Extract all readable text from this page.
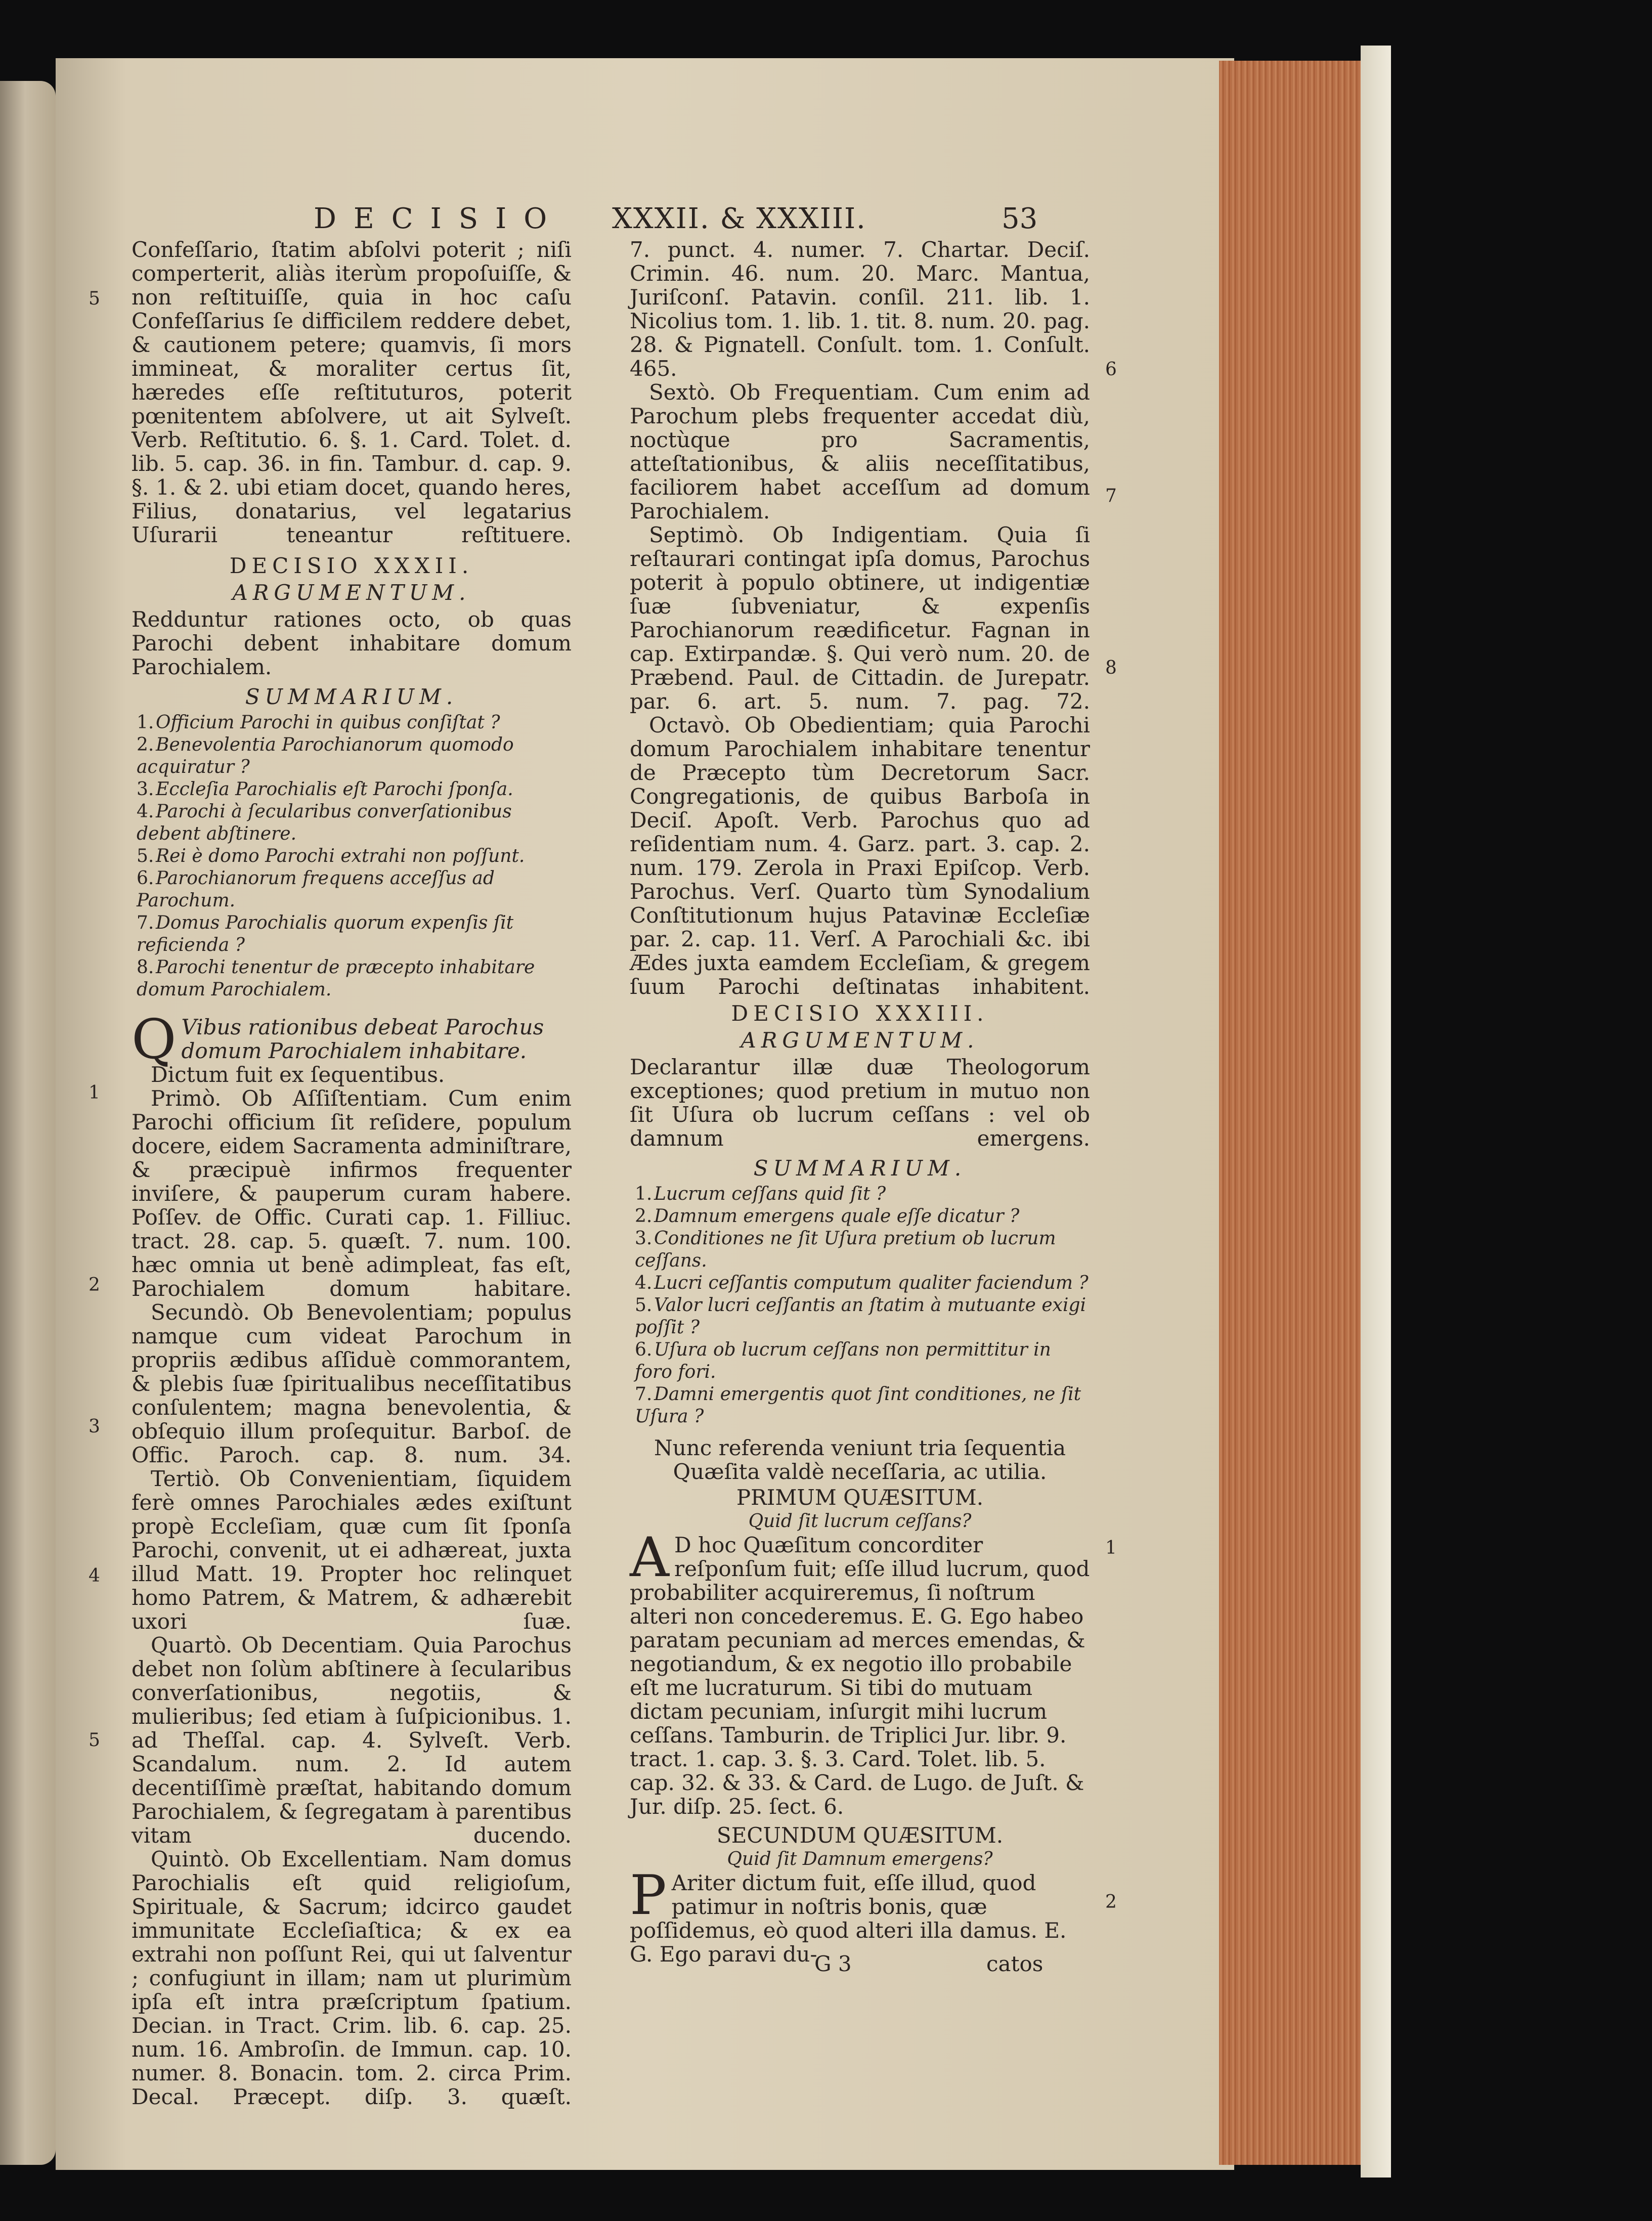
DECISIO XXXII. & XXXIII.	53

Confeſſario, ſtatim abſolvi poterit ; niſi comperterit, aliàs iterùm propoſuiſſe, & non reſtituiſſe, quia in hoc caſu Confeſſarius ſe difficilem reddere debet, & cautionem petere; quamvis, ſi mors immineat, & moraliter certus ſit, hæredes eſſe reſtituturos, poterit pœnitentem abſolvere, ut ait Sylveſt. Verb. Reſtitutio. 6. §. 1. Card. Tolet. d. lib. 5. cap. 36. in fin. Tambur. d. cap. 9. §. 1. & 2. ubi etiam docet, quando heres, Filius, donatarius, vel legatarius Uſurarii teneantur reſtituere.

DECISIO XXXII.
ARGUMENTUM.

Redduntur rationes octo, ob quas Parochi debent inhabitare domum Parochialem.

SUMMARIUM.
1. Officium Parochi in quibus conſiſtat ?
2. Benevolentia Parochianorum quomodo acquiratur ?
3. Eccleſia Parochialis eſt Parochi ſponſa.
4. Parochi à ſecularibus converſationibus debent abſtinere.
5. Rei è domo Parochi extrahi non poſſunt.
6. Parochianorum frequens acceſſus ad Parochum.
7. Domus Parochialis quorum expenſis ſit reficienda ?
8. Parochi tenentur de præcepto inhabitare domum Parochialem.
Q Vibus rationibus debeat Parochus domum Parochialem inhabitare.

Dictum fuit ex ſequentibus.

Primò. Ob Aſſiſtentiam. Cum enim Parochi officium ſit reſidere, populum docere, eidem Sacramenta adminiſtrare, & præcipuè infirmos frequenter inviſere, & pauperum curam habere. Poſſev. de Offic. Curati cap. 1. Filliuc. tract. 28. cap. 5. quæſt. 7. num. 100. hæc omnia ut benè adimpleat, fas eſt, Parochialem domum habitare.

Secundò. Ob Benevolentiam; populus namque cum videat Parochum in propriis ædibus aſſiduè commorantem, & plebis ſuæ ſpiritualibus neceſſitatibus conſulentem; magna benevolentia, & obſequio illum proſequitur. Barboſ. de Offic. Paroch. cap. 8. num. 34.

Tertiò. Ob Convenientiam, ſiquidem ferè omnes Parochiales ædes exiſtunt propè Eccleſiam, quæ cum ſit ſponſa Parochi, convenit, ut ei adhæreat, juxta illud Matt. 19. Propter hoc relinquet homo Patrem, & Matrem, & adhærebit uxori ſuæ.

Quartò. Ob Decentiam. Quia Parochus debet non ſolùm abſtinere à ſecularibus converſationibus, negotiis, & mulieribus; ſed etiam à ſuſpicionibus. 1. ad Theſſal. cap. 4. Sylveſt. Verb. Scandalum. num. 2. Id autem decentiſſimè præſtat, habitando domum Parochialem, & ſegregatam à parentibus vitam ducendo.

Quintò. Ob Excellentiam. Nam domus Parochialis eſt quid religioſum, Spirituale, & Sacrum; idcirco gaudet immunitate Eccleſiaſtica; & ex ea extrahi non poſſunt Rei, qui ut ſalventur ; confugiunt in illam; nam ut plurimùm ipſa eſt intra præſcriptum ſpatium. Decian. in Tract. Crim. lib. 6. cap. 25. num. 16. Ambroſin. de Immun. cap. 10. numer. 8. Bonacin. tom. 2. circa Prim. Decal. Præcept. diſp. 3. quæſt.

7. punct. 4. numer. 7. Chartar. Deciſ. Crimin. 46. num. 20. Marc. Mantua, Juriſconſ. Patavin. conſil. 211. lib. 1. Nicolius tom. 1. lib. 1. tit. 8. num. 20. pag. 28. & Pignatell. Conſult. tom. 1. Conſult. 465.

Sextò. Ob Frequentiam. Cum enim ad Parochum plebs frequenter accedat diù, noctùque pro Sacramentis, atteſtationibus, & aliis neceſſitatibus, faciliorem habet acceſſum ad domum Parochialem.

Septimò. Ob Indigentiam. Quia ſi reſtaurari contingat ipſa domus, Parochus poterit à populo obtinere, ut indigentiæ ſuæ ſubveniatur, & expenſis Parochianorum reædificetur. Fagnan in cap. Extirpandæ. §. Qui verò num. 20. de Præbend. Paul. de Cittadin. de Jurepatr. par. 6. art. 5. num. 7. pag. 72.

Octavò. Ob Obedientiam; quia Parochi domum Parochialem inhabitare tenentur de Præcepto tùm Decretorum Sacr. Congregationis, de quibus Barboſa in Deciſ. Apoſt. Verb. Parochus quo ad reſidentiam num. 4. Garz. part. 3. cap. 2. num. 179. Zerola in Praxi Epiſcop. Verb. Parochus. Verſ. Quarto tùm Synodalium Conſtitutionum hujus Patavinæ Eccleſiæ par. 2. cap. 11. Verſ. A Parochiali &c. ibi Ædes juxta eamdem Eccleſiam, & gregem ſuum Parochi deſtinatas inhabitent.

DECISIO XXXIII.
ARGUMENTUM.

Declarantur illæ duæ Theologorum exceptiones; quod pretium in mutuo non ſit Uſura ob lucrum ceſſans : vel ob damnum emergens.

SUMMARIUM.
1. Lucrum ceſſans quid ſit ?
2. Damnum emergens quale eſſe dicatur ?
3. Conditiones ne ſit Uſura pretium ob lucrum ceſſans.
4. Lucri ceſſantis computum qualiter faciendum ?
5. Valor lucri ceſſantis an ſtatim à mutuante exigi poſſit ?
6. Uſura ob lucrum ceſſans non permittitur in foro fori.
7. Damni emergentis quot ſint conditiones, ne ſit Uſura ?

Nunc referenda veniunt tria ſequentia Quæſita valdè neceſſaria, ac utilia.

PRIMUM QUÆSITUM.
Quid ſit lucrum ceſſans?
A D hoc Quæſitum concorditer reſponſum fuit; eſſe illud lucrum, quod probabiliter acquireremus, ſi noſtrum alteri non concederemus. E. G. Ego habeo paratam pecuniam ad merces emendas, & negotiandum, & ex negotio illo probabile eſt me lucraturum. Si tibi do mutuam dictam pecuniam, inſurgit mihi lucrum ceſſans. Tamburin. de Triplici Jur. libr. 9. tract. 1. cap. 3. §. 3. Card. Tolet. lib. 5. cap. 32. & 33. & Card. de Lugo. de Juſt. & Jur. diſp. 25. ſect. 6.
SECUNDUM QUÆSITUM.
Quid ſit Damnum emergens?
P Ariter dictum fuit, eſſe illud, quod patimur in noſtris bonis, quæ poſſidemus, eò quod alteri illa damus. E. G. Ego paravi du-
5
1
2
3
4
5
6
7
8
1
2
G 3	catos
